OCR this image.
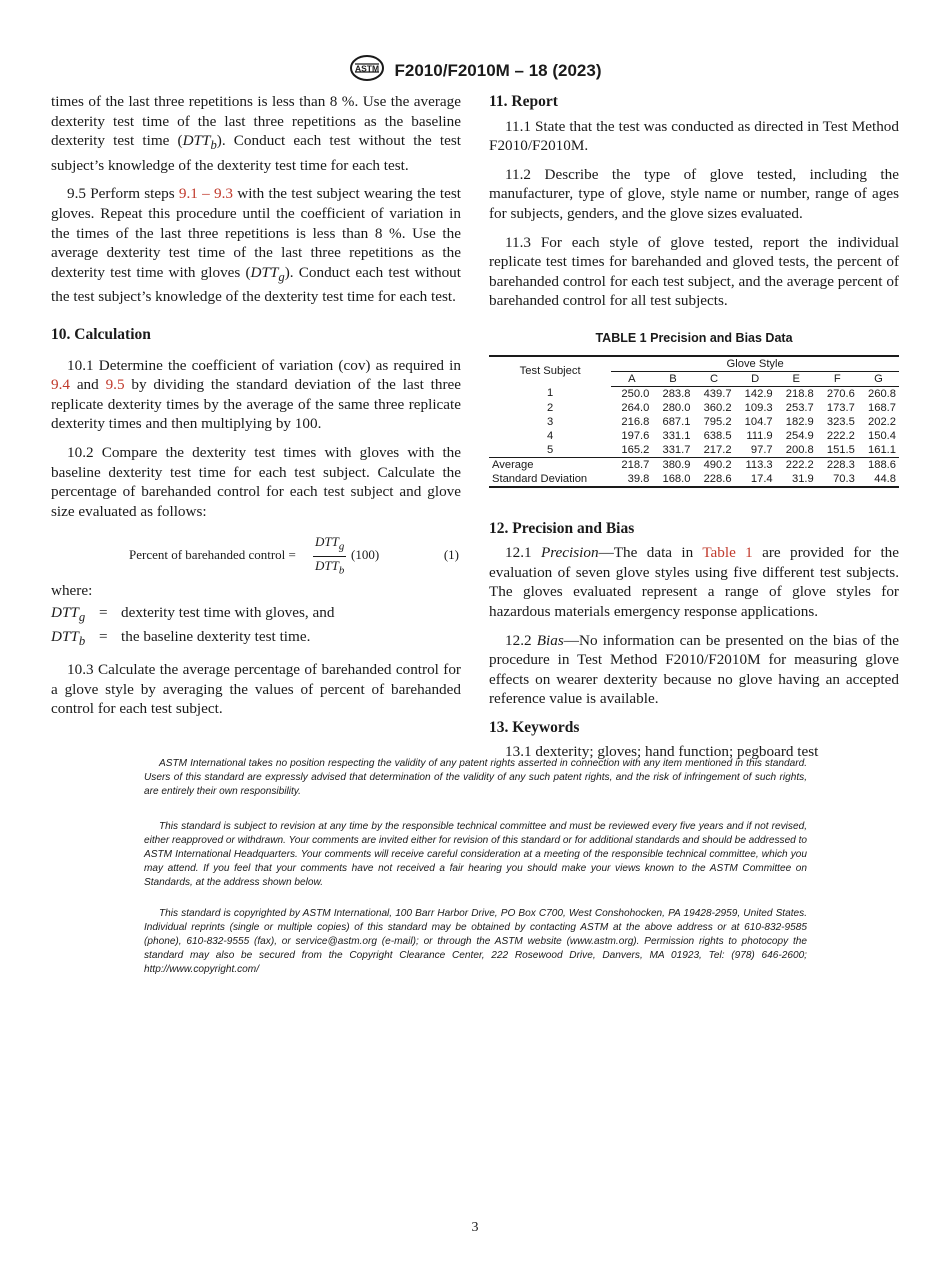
ASTM F2010/F2010M – 18 (2023)

times of the last three repetitions is less than 8 %. Use the average dexterity test time of the last three repetitions as the baseline dexterity test time $(DTT_b)$. Conduct each test without the test subject’s knowledge of the dexterity test time for each test.

9.5 Perform steps 9.1 – 9.3 with the test subject wearing the test gloves. Repeat this procedure until the coefficient of variation in the times of the last three repetitions is less than 8 %. Use the average dexterity test time of the last three repetitions as the dexterity test time with gloves $(DTT_g)$. Conduct each test without the test subject’s knowledge of the dexterity test time for each test.

10. Calculation

10.1 Determine the coefficient of variation (cov) as required in 9.4 and 9.5 by dividing the standard deviation of the last three replicate dexterity times by the average of the same three replicate dexterity times and then multiplying by 100.

10.2 Compare the dexterity test times with gloves with the baseline dexterity test time for each test subject. Calculate the percentage of barehanded control for each test subject and glove size evaluated as follows:

Percent of barehanded control =
$DTT_g$
$DTT_b$
(100)	(1)

where:

$DTT_g$ = dexterity test time with gloves, and
$DTT_b$ = the baseline dexterity test time.

10.3 Calculate the average percentage of barehanded control for a glove style by averaging the values of percent of barehanded control for each test subject.

11. Report

11.1 State that the test was conducted as directed in Test Method F2010/F2010M.

11.2 Describe the type of glove tested, including the manufacturer, type of glove, style name or number, range of ages for subjects, genders, and the glove sizes evaluated.

11.3 For each style of glove tested, report the individual replicate test times for barehanded and gloved tests, the percent of barehanded control for each test subject, and the average percent of barehanded control for all test subjects.

TABLE 1 Precision and Bias Data
Test Subject	Glove Style						
	A	B	C	D	E	F	G
1	250.0	283.8	439.7	142.9	218.8	270.6	260.8
2	264.0	280.0	360.2	109.3	253.7	173.7	168.7
3	216.8	687.1	795.2	104.7	182.9	323.5	202.2
4	197.6	331.1	638.5	111.9	254.9	222.2	150.4
5	165.2	331.7	217.2	97.7	200.8	151.5	161.1
Average	218.7	380.9	490.2	113.3	222.2	228.3	188.6
Standard Deviation	39.8	168.0	228.6	17.4	31.9	70.3	44.8
12. Precision and Bias

12.1 Precision—The data in Table 1 are provided for the evaluation of seven glove styles using five different test subjects. The gloves evaluated represent a range of glove styles for hazardous materials emergency response applications.

12.2 Bias—No information can be presented on the bias of the procedure in Test Method F2010/F2010M for measuring glove effects on wearer dexterity because no glove having an accepted reference value is available.

13. Keywords

13.1 dexterity; gloves; hand function; pegboard test

ASTM International takes no position respecting the validity of any patent rights asserted in connection with any item mentioned in this standard. Users of this standard are expressly advised that determination of the validity of any such patent rights, and the risk of infringement of such rights, are entirely their own responsibility.

This standard is subject to revision at any time by the responsible technical committee and must be reviewed every five years and if not revised, either reapproved or withdrawn. Your comments are invited either for revision of this standard or for additional standards and should be addressed to ASTM International Headquarters. Your comments will receive careful consideration at a meeting of the responsible technical committee, which you may attend. If you feel that your comments have not received a fair hearing you should make your views known to the ASTM Committee on Standards, at the address shown below.

This standard is copyrighted by ASTM International, 100 Barr Harbor Drive, PO Box C700, West Conshohocken, PA 19428-2959, United States. Individual reprints (single or multiple copies) of this standard may be obtained by contacting ASTM at the above address or at 610-832-9585 (phone), 610-832-9555 (fax), or service@astm.org (e-mail); or through the ASTM website (www.astm.org). Permission rights to photocopy the standard may also be secured from the Copyright Clearance Center, 222 Rosewood Drive, Danvers, MA 01923, Tel: (978) 646-2600; http://www.copyright.com/

3
